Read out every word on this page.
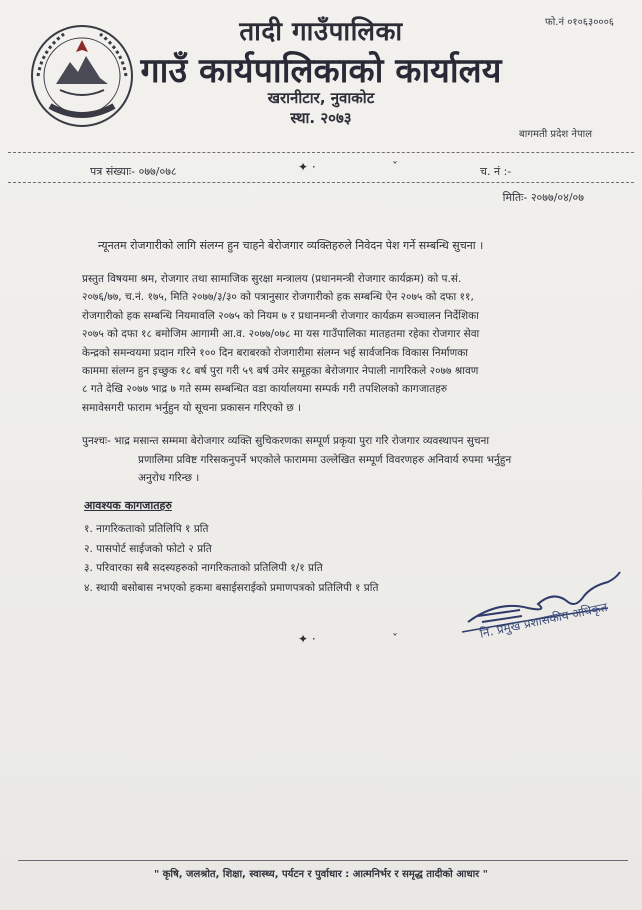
तादी गाउँपालिका
गाउँ कार्यपालिकाको कार्यालय
खरानीटार, नुवाकोट
स्था. २०७३
फो.नं ०१०६३०००६
बागमती प्रदेश नेपाल
पत्र संख्याः- ०७७/०७८	✦ ·	ˇ	च. नं :-
मितिः- २०७७/०४/०७
न्यूनतम रोजगारीको लागि संलग्न हुन चाहने बेरोजगार व्यक्तिहरुले निवेदन पेश गर्ने सम्बन्धि सुचना ।
प्रस्तुत विषयमा श्रम, रोजगार तथा सामाजिक सुरक्षा मन्त्रालय (प्रधानमन्त्री रोजगार कार्यक्रम) को प.सं.
२०७६/७७, च.नं. १७५, मिति २०७७/३/३० को पत्रानुसार रोजगारीको हक सम्बन्धि ऐन २०७५ को दफा ११,
रोजगारीको हक सम्बन्धि नियमावलि २०७५ को नियम ७ र प्रधानमन्त्री रोजगार कार्यक्रम सञ्चालन निर्देशिका
२०७५ को दफा १८ बमोजिम आगामी आ.व. २०७७/०७८ मा यस गाउँपालिका मातहतमा रहेका रोजगार सेवा
केन्द्रको समन्वयमा प्रदान गरिने १०० दिन बराबरको रोजगारीमा संलग्न भई सार्वजनिक विकास निर्माणका
काममा संलग्न हुन इच्छुक १८ बर्ष पुरा गरी ५९ बर्ष उमेर समूहका बेरोजगार नेपाली नागरिकले २०७७ श्रावण
८ गते देखि २०७७ भाद्र ७ गते सम्म सम्बन्धित वडा कार्यालयमा सम्पर्क गरी तपशिलको कागजातहरु
समावेसगरी फाराम भर्नुहुन यो सूचना प्रकासन गरिएको छ ।
पुनश्चः- भाद्र मसान्त सम्ममा बेरोजगार व्यक्ति सुचिकरणका सम्पूर्ण प्रकृया पुरा गरि रोजगार व्यवस्थापन सुचना
प्रणालिमा प्रविष्ट गरिसकनुपर्ने भएकोले फाराममा उल्लेखित सम्पूर्ण विवरणहरु अनिवार्य रुपमा भर्नुहुन
अनुरोध गरिन्छ ।
आवश्यक कागजातहरु
१. नागरिकताको प्रतिलिपि १ प्रति
२. पासपोर्ट साईजको फोटो २ प्रति
३. परिवारका सबै सदस्यहरुको नागरिकताको प्रतिलिपी १/१ प्रति
४. स्थायी बसोबास नभएको हकमा बसाईसराईको प्रमाणपत्रको प्रतिलिपी १ प्रति
नि. प्रमुख प्रशासकीय अधिकृत
✦ ·	ˇ
" कृषि, जलश्रोत, शिक्षा, स्वास्थ्य, पर्यटन र पुर्वाधार : आत्मनिर्भर र समृद्ध तादीको आधार "
